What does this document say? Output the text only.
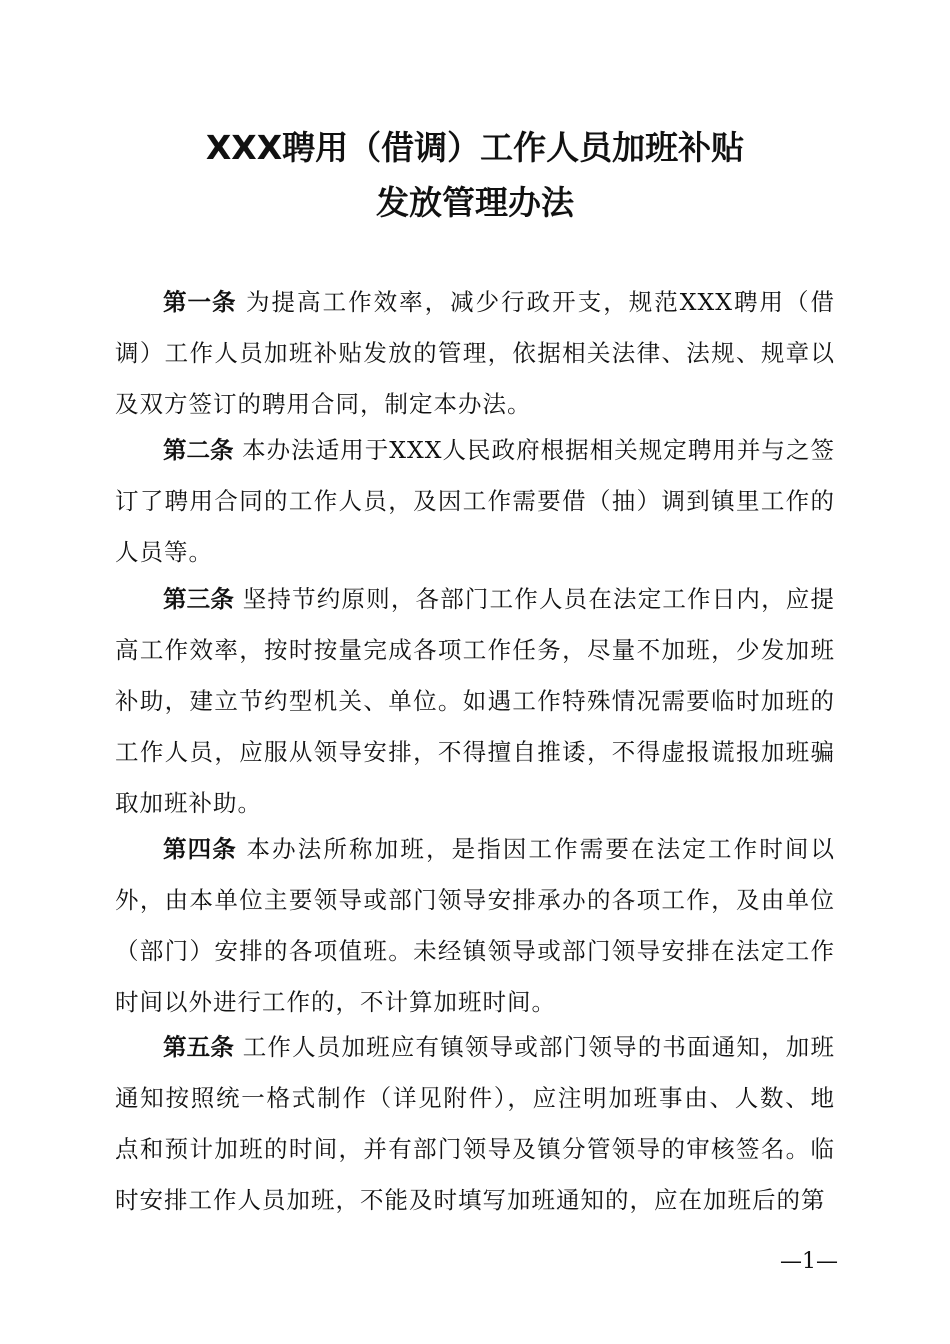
XXX聘用（借调）工作人员加班补贴
发放管理办法

第一条 为提高工作效率，减少行政开支，规范XXX聘用（借调）工作人员加班补贴发放的管理，依据相关法律、法规、规章以及双方签订的聘用合同，制定本办法。

第二条 本办法适用于XXX人民政府根据相关规定聘用并与之签订了聘用合同的工作人员，及因工作需要借（抽）调到镇里工作的人员等。

第三条 坚持节约原则，各部门工作人员在法定工作日内，应提高工作效率，按时按量完成各项工作任务，尽量不加班，少发加班补助，建立节约型机关、单位。如遇工作特殊情况需要临时加班的工作人员，应服从领导安排，不得擅自推诿，不得虚报谎报加班骗取加班补助。

第四条 本办法所称加班，是指因工作需要在法定工作时间以外，由本单位主要领导或部门领导安排承办的各项工作，及由单位（部门）安排的各项值班。未经镇领导或部门领导安排在法定工作时间以外进行工作的，不计算加班时间。

第五条 工作人员加班应有镇领导或部门领导的书面通知，加班通知按照统一格式制作（详见附件），应注明加班事由、人数、地点和预计加班的时间，并有部门领导及镇分管领导的审核签名。临时安排工作人员加班，不能及时填写加班通知的，应在加班后的第

—1—
